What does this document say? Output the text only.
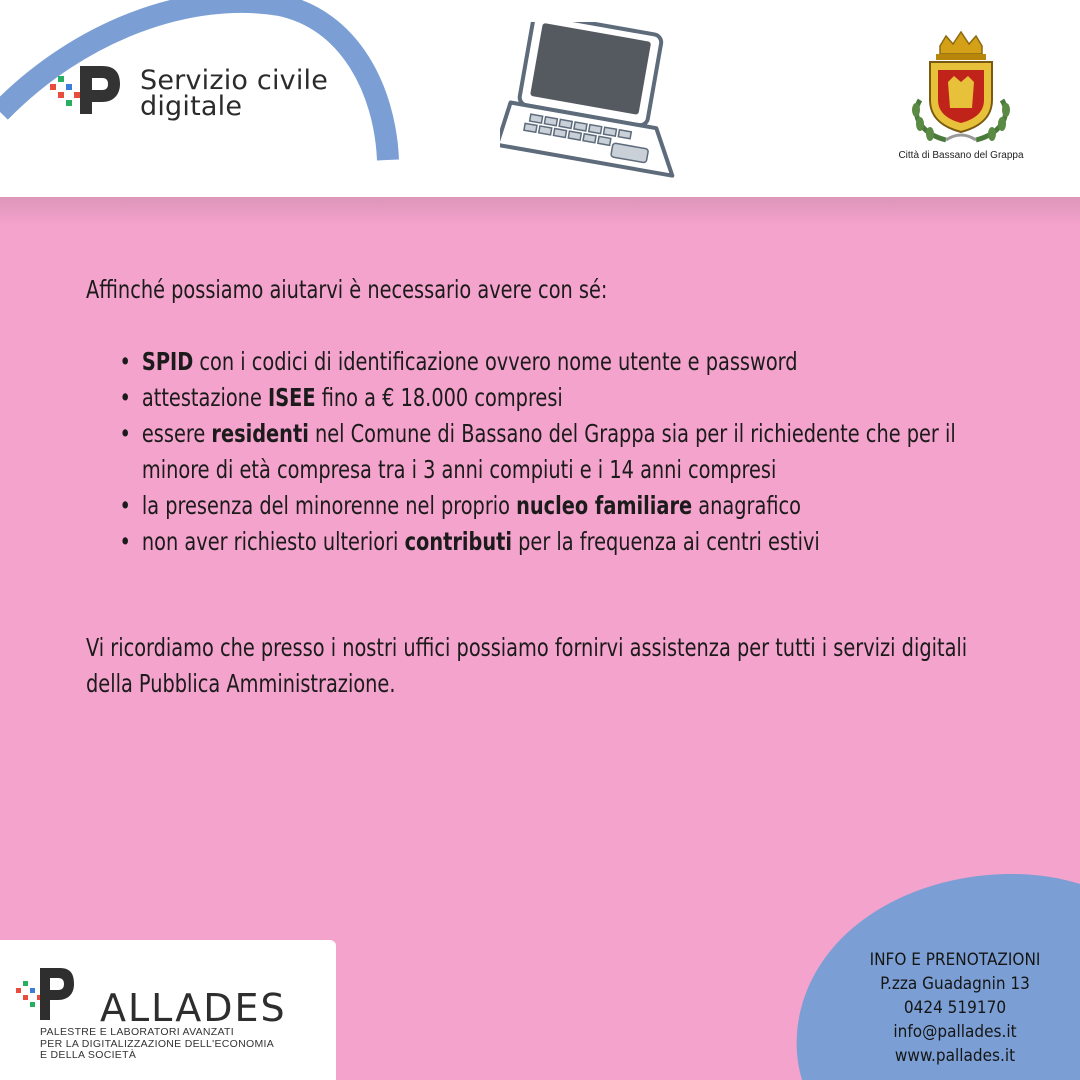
Servizio civile
digitale
Città di Bassano del Grappa

Affinché possiamo aiutarvi è necessario avere con sé:

• SPID con i codici di identificazione ovvero nome utente e password
• attestazione ISEE fino a € 18.000 compresi
• essere residenti nel Comune di Bassano del Grappa sia per il richiedente che per il minore di età compresa tra i 3 anni compiuti e i 14 anni compresi
• la presenza del minorenne nel proprio nucleo familiare anagrafico
• non aver richiesto ulteriori contributi per la frequenza ai centri estivi

Vi ricordiamo che presso i nostri uffici possiamo fornirvi assistenza per tutti i servizi digitali della Pubblica Amministrazione.

ALLADES
PALESTRE E LABORATORI AVANZATI
PER LA DIGITALIZZAZIONE DELL'ECONOMIA
E DELLA SOCIETÀ
INFO E PRENOTAZIONI
P.zza Guadagnin 13
0424 519170
info@pallades.it
www.pallades.it
